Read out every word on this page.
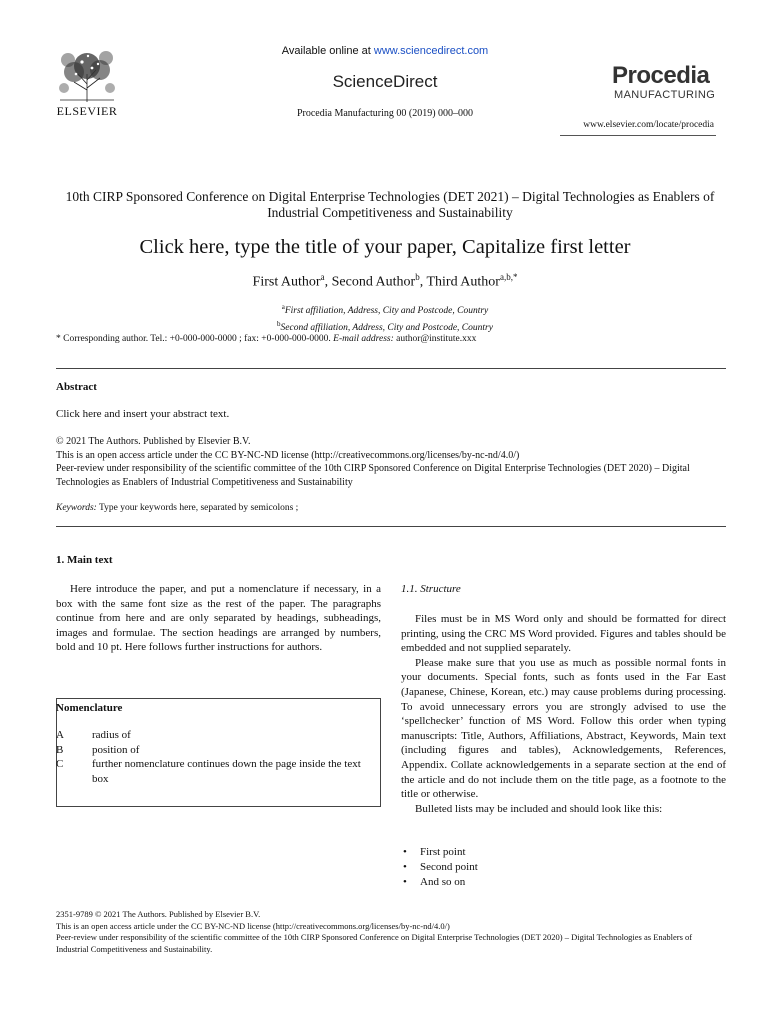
ELSEVIER
Available online at www.sciencedirect.com
ScienceDirect
Procedia Manufacturing 00 (2019) 000–000
Procedia
MANUFACTURING
www.elsevier.com/locate/procedia
10th CIRP Sponsored Conference on Digital Enterprise Technologies (DET 2021) – Digital Technologies as Enablers of Industrial Competitiveness and Sustainability
Click here, type the title of your paper, Capitalize first letter
First Author$^a$, Second Author$^b$, Third Author$^{a,b,*}$
$^a$First affiliation, Address, City and Postcode, Country
$^b$Second affiliation, Address, City and Postcode, Country
* Corresponding author. Tel.: +0-000-000-0000 ; fax: +0-000-000-0000. E-mail address: author@institute.xxx
Abstract
Click here and insert your abstract text.
© 2021 The Authors. Published by Elsevier B.V.
This is an open access article under the CC BY-NC-ND license (http://creativecommons.org/licenses/by-nc-nd/4.0/)
Peer-review under responsibility of the scientific committee of the 10th CIRP Sponsored Conference on Digital Enterprise Technologies (DET 2020) – Digital Technologies as Enablers of Industrial Competitiveness and Sustainability
Keywords: Type your keywords here, separated by semicolons ;
1. Main text

Here introduce the paper, and put a nomenclature if necessary, in a box with the same font size as the rest of the paper. The paragraphs continue from here and are only separated by headings, subheadings, images and formulae. The section headings are arranged by numbers, bold and 10 pt. Here follows further instructions for authors.

Nomenclature
A	radius of
B	position of
C	further nomenclature continues down the page inside the text box
1.1. Structure

Files must be in MS Word only and should be formatted for direct printing, using the CRC MS Word provided. Figures and tables should be embedded and not supplied separately.

Please make sure that you use as much as possible normal fonts in your documents. Special fonts, such as fonts used in the Far East (Japanese, Chinese, Korean, etc.) may cause problems during processing. To avoid unnecessary errors you are strongly advised to use the ‘spellchecker’ function of MS Word. Follow this order when typing manuscripts: Title, Authors, Affiliations, Abstract, Keywords, Main text (including figures and tables), Acknowledgements, References, Appendix. Collate acknowledgements in a separate section at the end of the article and do not include them on the title page, as a footnote to the title or otherwise.

Bulleted lists may be included and should look like this:

•	First point
•	Second point
•	And so on
2351-9789 © 2021 The Authors. Published by Elsevier B.V.
This is an open access article under the CC BY-NC-ND license (http://creativecommons.org/licenses/by-nc-nd/4.0/)
Peer-review under responsibility of the scientific committee of the 10th CIRP Sponsored Conference on Digital Enterprise Technologies (DET 2020) – Digital Technologies as Enablers of Industrial Competitiveness and Sustainability.
